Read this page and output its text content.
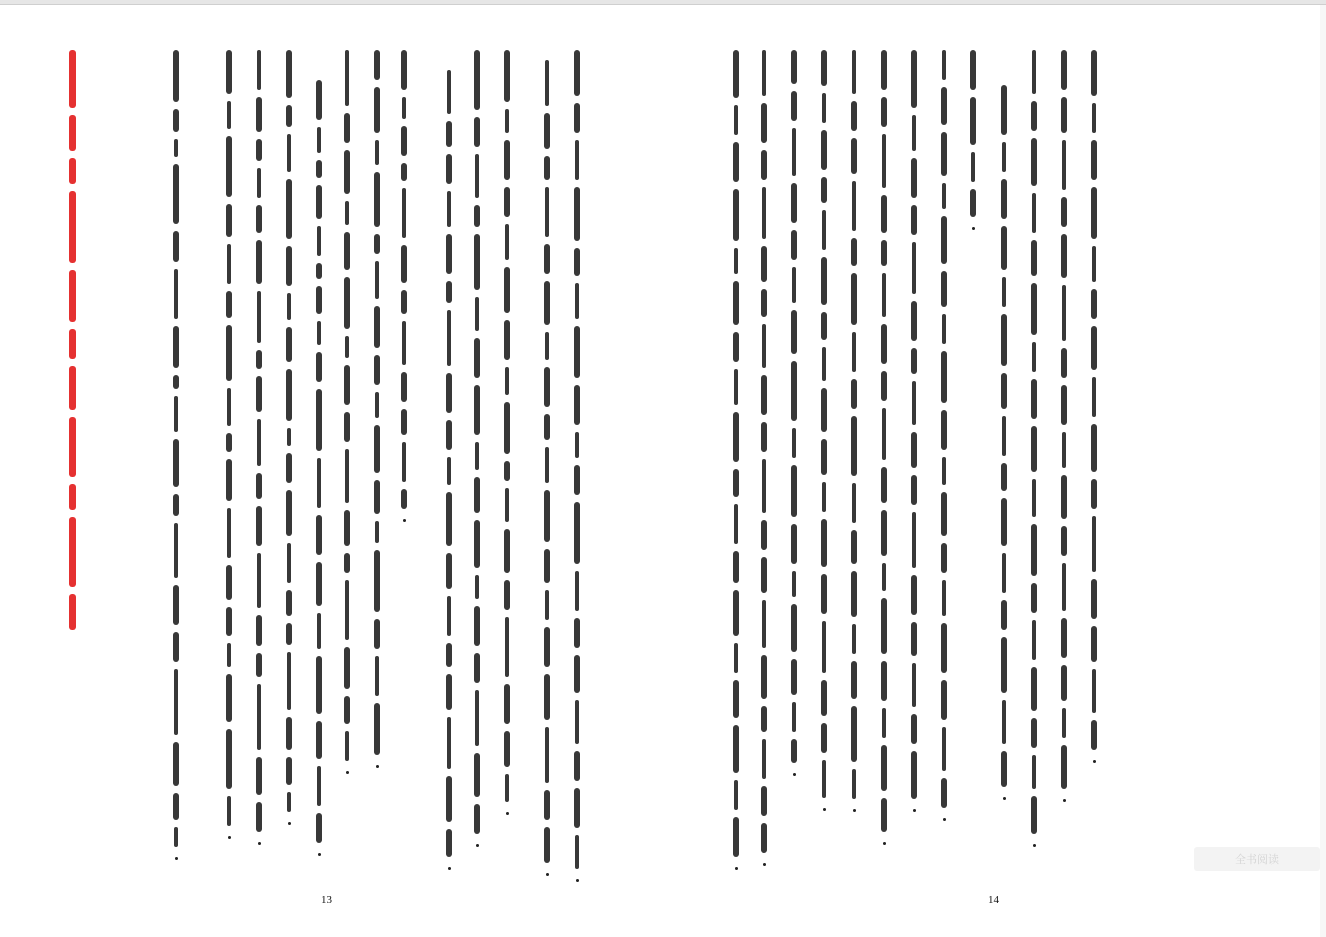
13	14
全书阅读
